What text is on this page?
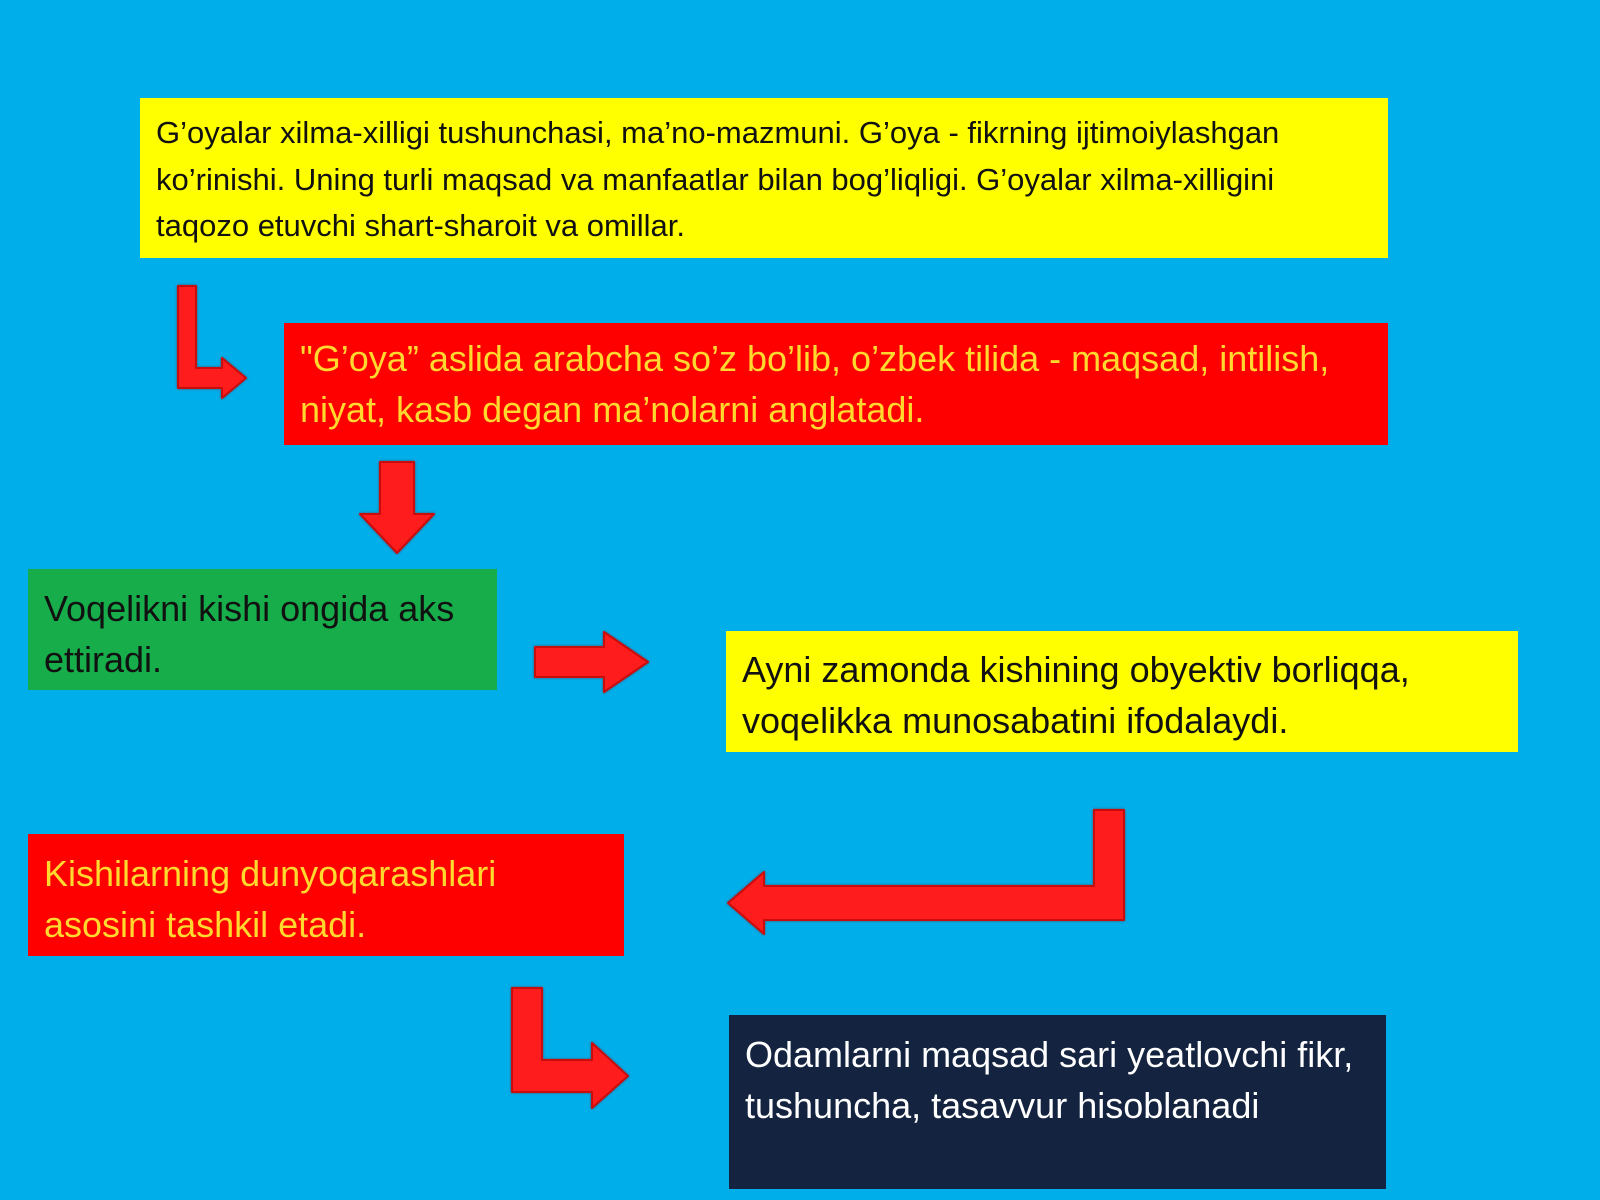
G’oyalar xilma-xilligi tushunchasi, ma’no-mazmuni. G’oya - fikrning ijtimoiylashgan ko’rinishi. Uning turli maqsad va manfaatlar bilan bog’liqligi. G’oyalar xilma-xilligini taqozo etuvchi shart-sharoit va omillar.
"G’oya” aslida arabcha so’z bo’lib, o’zbek tilida - maqsad, intilish, niyat, kasb degan ma’nolarni anglatadi.
Voqelikni kishi ongida aks ettiradi.	Ayni zamonda kishining obyektiv borliqqa, voqelikka munosabatini ifodalaydi.
Kishilarning dunyoqarashlari asosini tashkil etadi.
Odamlarni maqsad sari yeatlovchi fikr, tushuncha, tasavvur hisoblanadi
